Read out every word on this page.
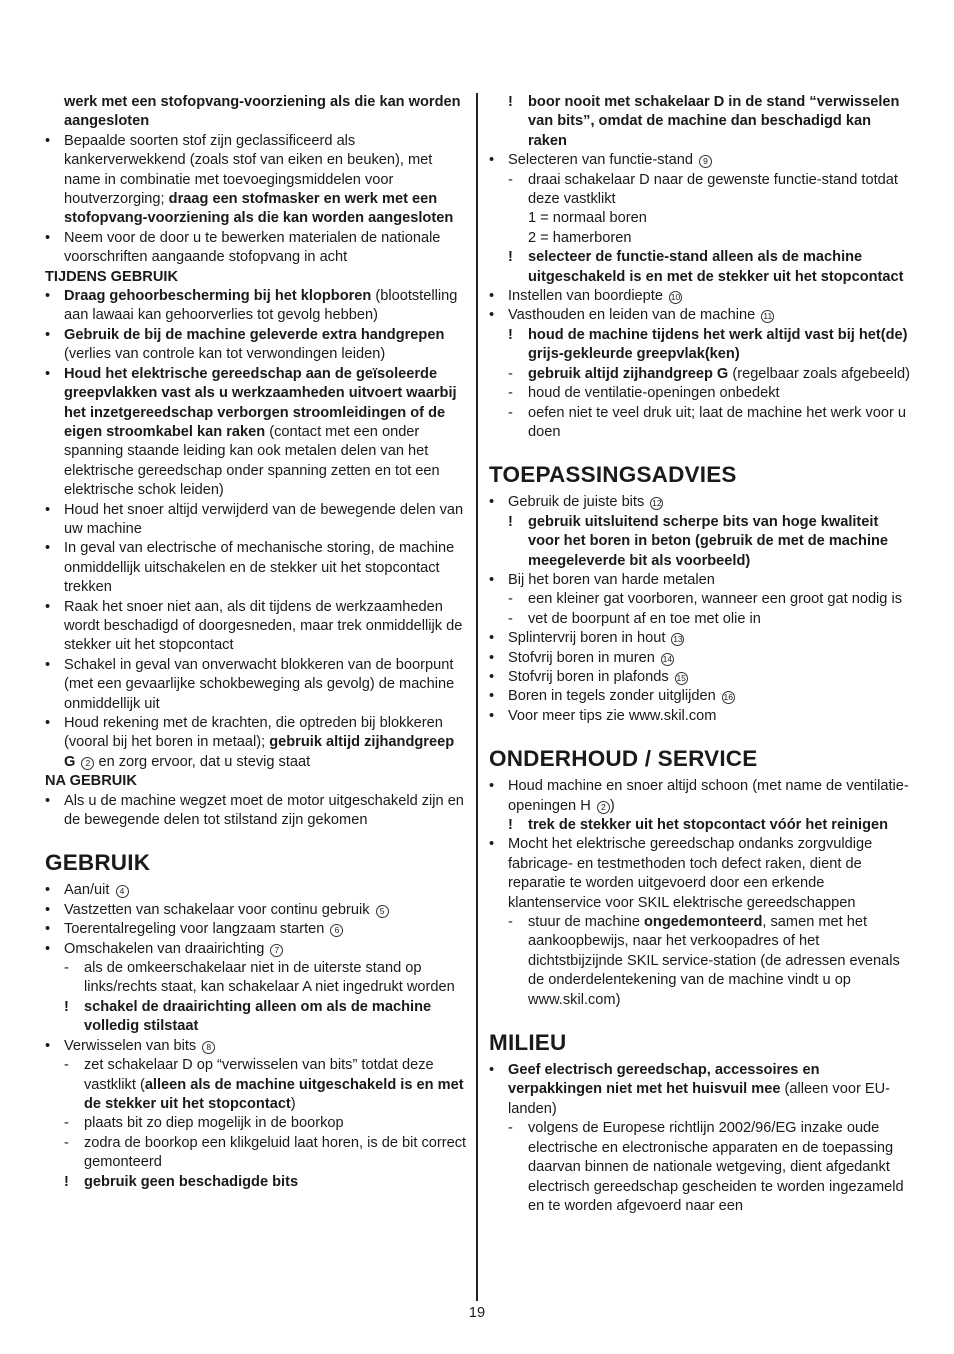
werk met een stofopvang-voorziening als die kan worden aangesloten
• Bepaalde soorten stof zijn geclassificeerd als kankerverwekkend (zoals stof van eiken en beuken), met name in combinatie met toevoegingsmiddelen voor houtverzorging; draag een stofmasker en werk met een stofopvang-voorziening als die kan worden aangesloten
• Neem voor de door u te bewerken materialen de nationale voorschriften aangaande stofopvang in acht
TIJDENS GEBRUIK
• Draag gehoorbescherming bij het klopboren (blootstelling aan lawaai kan gehoorverlies tot gevolg hebben)
• Gebruik de bij de machine geleverde extra handgrepen (verlies van controle kan tot verwondingen leiden)
• Houd het elektrische gereedschap aan de geïsoleerde greepvlakken vast als u werkzaamheden uitvoert waarbij het inzetgereedschap verborgen stroomleidingen of de eigen stroomkabel kan raken (contact met een onder spanning staande leiding kan ook metalen delen van het elektrische gereedschap onder spanning zetten en tot een elektrische schok leiden)
• Houd het snoer altijd verwijderd van de bewegende delen van uw machine
• In geval van electrische of mechanische storing, de machine onmiddellijk uitschakelen en de stekker uit het stopcontact trekken
• Raak het snoer niet aan, als dit tijdens de werkzaamheden wordt beschadigd of doorgesneden, maar trek onmiddellijk de stekker uit het stopcontact
• Schakel in geval van onverwacht blokkeren van de boorpunt (met een gevaarlijke schokbeweging als gevolg) de machine onmiddellijk uit
• Houd rekening met de krachten, die optreden bij blokkeren (vooral bij het boren in metaal); gebruik altijd zijhandgreep G 2 en zorg ervoor, dat u stevig staat
NA GEBRUIK
• Als u de machine wegzet moet de motor uitgeschakeld zijn en de bewegende delen tot stilstand zijn gekomen
GEBRUIK
• Aan/uit 4
• Vastzetten van schakelaar voor continu gebruik 5
• Toerentalregeling voor langzaam starten 6
• Omschakelen van draairichting 7
-	als de omkeerschakelaar niet in de uiterste stand op links/rechts staat, kan schakelaar A niet ingedrukt worden
!	schakel de draairichting alleen om als de machine volledig stilstaat
• Verwisselen van bits 8
-	zet schakelaar D op “verwisselen van bits” totdat deze vastklikt (alleen als de machine uitgeschakeld is en met de stekker uit het stopcontact)
-	plaats bit zo diep mogelijk in de boorkop
-	zodra de boorkop een klikgeluid laat horen, is de bit correct gemonteerd
!	gebruik geen beschadigde bits
!	boor nooit met schakelaar D in de stand “verwisselen van bits”, omdat de machine dan beschadigd kan raken
• Selecteren van functie-stand 9
-	draai schakelaar D naar de gewenste functie-stand totdat deze vastklikt
1 = normaal boren
2 = hamerboren
!	selecteer de functie-stand alleen als de machine uitgeschakeld is en met de stekker uit het stopcontact
• Instellen van boordiepte 10
• Vasthouden en leiden van de machine 11
!	houd de machine tijdens het werk altijd vast bij het(de) grijs-gekleurde greepvlak(ken)
-	gebruik altijd zijhandgreep G (regelbaar zoals afgebeeld)
-	houd de ventilatie-openingen onbedekt
-	oefen niet te veel druk uit; laat de machine het werk voor u doen
TOEPASSINGSADVIES
• Gebruik de juiste bits 12
!	gebruik uitsluitend scherpe bits van hoge kwaliteit voor het boren in beton (gebruik de met de machine meegeleverde bit als voorbeeld)
• Bij het boren van harde metalen
-	een kleiner gat voorboren, wanneer een groot gat nodig is
-	vet de boorpunt af en toe met olie in
• Splintervrij boren in hout 13
• Stofvrij boren in muren 14
• Stofvrij boren in plafonds 15
• Boren in tegels zonder uitglijden 16
• Voor meer tips zie www.skil.com
ONDERHOUD / SERVICE
• Houd machine en snoer altijd schoon (met name de ventilatie-openingen H 2 )
!	trek de stekker uit het stopcontact vóór het reinigen
• Mocht het elektrische gereedschap ondanks zorgvuldige fabricage- en testmethoden toch defect raken, dient de reparatie te worden uitgevoerd door een erkende klantenservice voor SKIL elektrische gereedschappen
-	stuur de machine ongedemonteerd, samen met het aankoopbewijs, naar het verkoopadres of het dichtstbijzijnde SKIL service-station (de adressen evenals de onderdelentekening van de machine vindt u op www.skil.com)
MILIEU
• Geef electrisch gereedschap, accessoires en verpakkingen niet met het huisvuil mee (alleen voor EU-landen)
-	volgens de Europese richtlijn 2002/96/EG inzake oude electrische en electronische apparaten en de toepassing daarvan binnen de nationale wetgeving, dient afgedankt electrisch gereedschap gescheiden te worden ingezameld en te worden afgevoerd naar een
19
